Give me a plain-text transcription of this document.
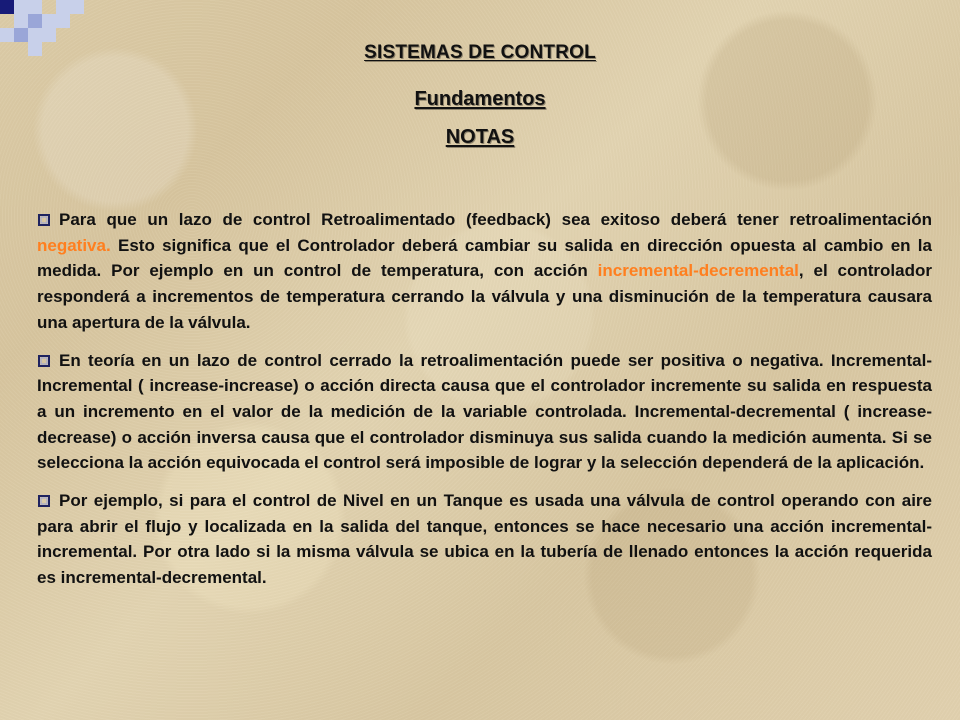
SISTEMAS DE CONTROL
Fundamentos
NOTAS

Para que un lazo de control Retroalimentado (feedback) sea exitoso deberá tener retroalimentación negativa. Esto significa que el Controlador deberá cambiar su salida en dirección opuesta al cambio en la medida. Por ejemplo en un control de temperatura, con acción incremental-decremental, el controlador responderá a incrementos de temperatura cerrando la válvula y una disminución de la temperatura causara una apertura de la válvula.

En teoría en un lazo de control cerrado la retroalimentación puede ser positiva o negativa. Incremental-Incremental ( increase-increase) o acción directa causa que el controlador incremente su salida en respuesta a un incremento en el valor de la medición de la variable controlada. Incremental-decremental ( increase-decrease) o acción inversa causa que el controlador disminuya sus salida cuando la medición aumenta. Si se selecciona la acción equivocada el control será imposible de lograr y la selección dependerá de la aplicación.

Por ejemplo, si para el control de Nivel en un Tanque es usada una válvula de control operando con aire para abrir el flujo y localizada en la salida del tanque, entonces se hace necesario una acción incremental-incremental. Por otra lado si la misma válvula se ubica en la tubería de llenado entonces la acción requerida es incremental-decremental.
